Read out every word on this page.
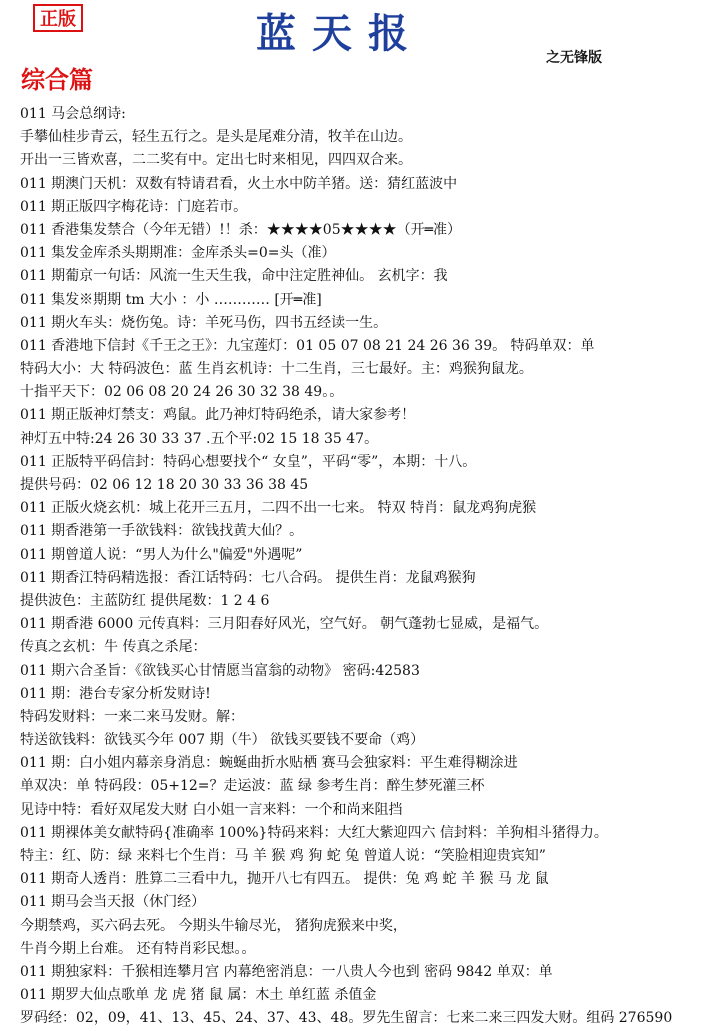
正版	蓝天报
之无锋版
综合篇
011 马会总纲诗:
手攀仙桂步青云，轻生五行之。是头是尾难分清，牧羊在山边。
开出一三皆欢喜，二二奖有中。定出七时来相见，四四双合来。
011 期澳门天机：双数有特请君看，火土水中防羊猪。送：猜红蓝波中
011 期正版四字梅花诗：门庭若市。
011 香港集发禁合（今年无错）!！杀：★★★★05★★★★（开═准）
011 集发金库杀头期期准：金库杀头=0=头（准）
011 期葡京一句话：风流一生天生我，命中注定胜神仙。 玄机字：我
011 集发※期期 tm 大小 ：小 ………… [开═准]
011 期火车头：烧伤兔。诗：羊死马伤，四书五经读一生。
011 香港地下信封《千王之王》：九宝莲灯：01 05 07 08 21 24 26 36 39。 特码单双：单
特码大小：大 特码波色：蓝 生肖玄机诗：十二生肖，三七最好。主：鸡猴狗鼠龙。
十指平天下：02 06 08 20 24 26 30 32 38 49。。
011 期正版神灯禁支：鸡鼠。此乃神灯特码绝杀，请大家参考！
神灯五中特:24 26 30 33 37 .五个平:02 15 18 35 47。
011 正版特平码信封：特码心想要找个“ 女皇”，平码“零”，本期：十八。
提供号码：02 06 12 18 20 30 33 36 38 45
011 正版火烧玄机：城上花开三五月，二四不出一七来。 特双 特肖：鼠龙鸡狗虎猴
011 期香港第一手欲钱料：欲钱找黄大仙？。
011 期曾道人说：“男人为什么"偏爱"外遇呢”
011 期香江特码精选报：香江话特码：七八合码。 提供生肖：龙鼠鸡猴狗
提供波色：主蓝防红 提供尾数：1 2 4 6
011 期香港 6000 元传真料：三月阳春好风光，空气好。 朝气蓬勃七显威，是福气。
传真之玄机：牛 传真之杀尾：
011 期六合圣旨：《欲钱买心甘情愿当富翁的动物》 密码:42583
011 期：港台专家分析发财诗!
特码发财料：一来二来马发财。解：
特送欲钱料：欲钱买今年 007 期（牛） 欲钱买要钱不要命（鸡）
011 期：白小姐内幕亲身消息：蜿蜒曲折水贴栖 赛马会独家料：平生难得糊涂进
单双决：单 特码段：05+12=？走运波：蓝 绿 参考生肖：醉生梦死灌三杯
见诗中特：看好双尾发大财 白小姐一言来料：一个和尚来阻挡
011 期裸体美女献特码{准确率 100%}特码来料：大红大紫迎四六 信封料：羊狗相斗猪得力。
特主：红、防：绿 来料七个生肖：马 羊 猴 鸡 狗 蛇 兔 曾道人说：“笑脸相迎贵宾知”
011 期奇人透肖：胜算二三看中九，抛开八七有四五。 提供：兔 鸡 蛇 羊 猴 马 龙 鼠
011 期马会当天报（休门经）
今期禁鸡，买六码去死。 今期头牛输尽光， 猪狗虎猴来中奖，
牛肖今期上台难。 还有特肖彩民想。。
011 期独家料：千猴相连攀月宫 内幕绝密消息：一八贵人今也到 密码 9842 单双：单
011 期罗大仙点歌单 龙 虎 猪 鼠 属：木土 单红蓝 杀值金
罗码经：02，09，41、13、45、24、37、43、48。罗先生留言：七来二来三四发大财。组码 276590
